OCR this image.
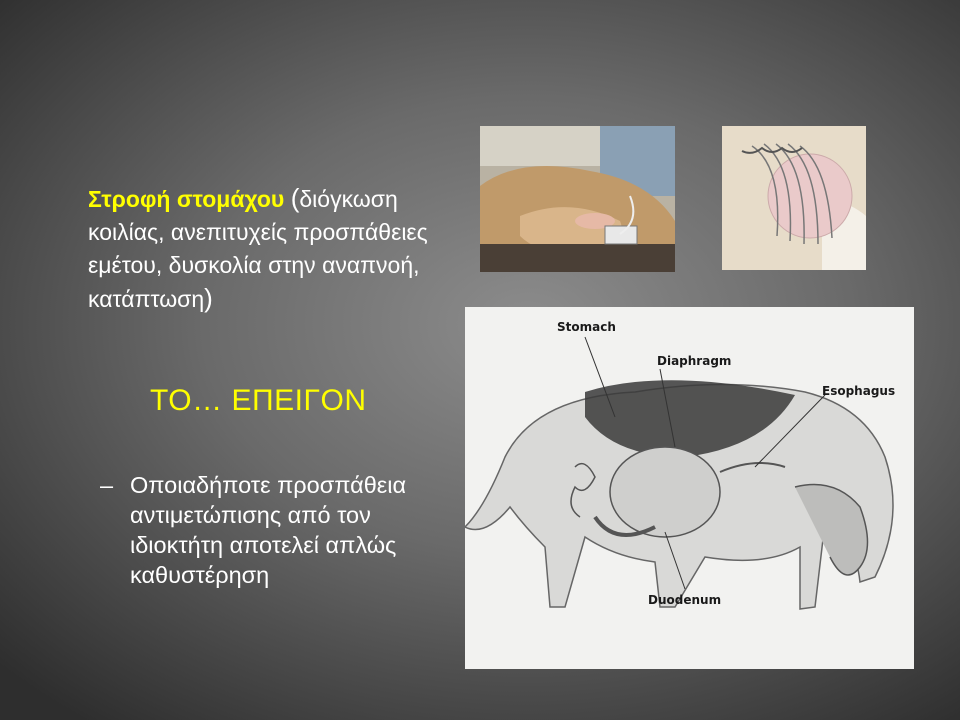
Στροφή στομάχου (διόγκωση
κοιλίας, ανεπιτυχείς προσπάθειες
εμέτου, δυσκολία στην αναπνοή,
κατάπτωση)
ΤΟ… ΕΠΕΙΓΟΝ
– Οποιαδήποτε προσπάθεια αντιμετώπισης από τον ιδιοκτήτη αποτελεί απλώς καθυστέρηση
Stomach
Diaphragm
Esophagus
Duodenum
